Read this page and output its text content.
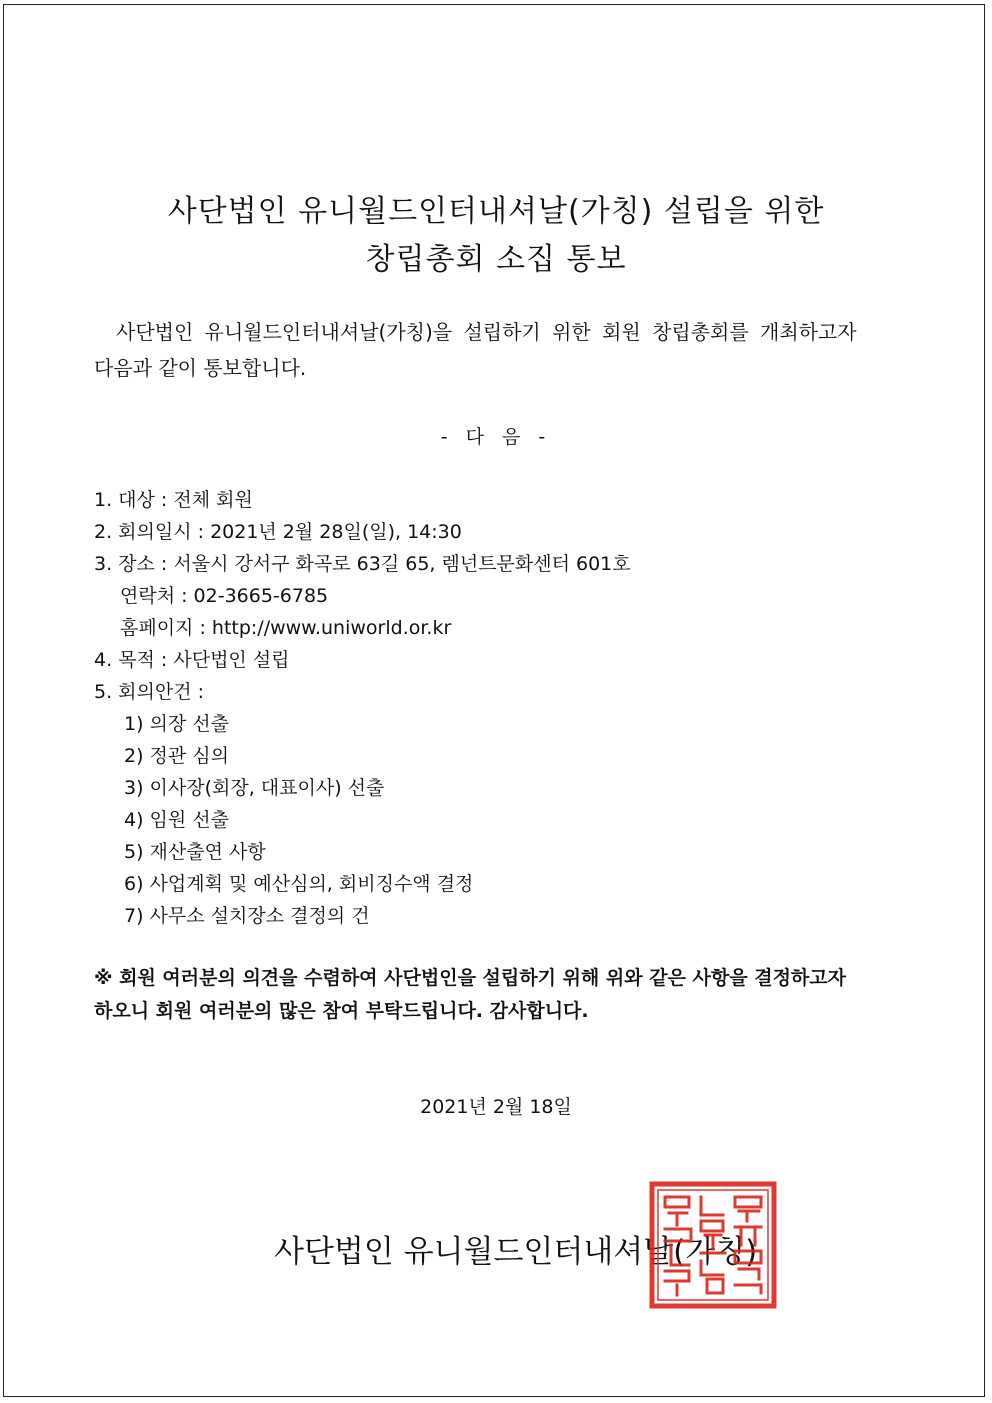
사단법인 유니월드인터내셔날(가칭) 설립을 위한
창립총회 소집 통보
사단법인 유니월드인터내셔날(가칭)을 설립하기 위한 회원 창립총회를 개최하고자
다음과 같이 통보합니다.
- 다 음 -
1. 대상 : 전체 회원
2. 회의일시 : 2021년 2월 28일(일), 14:30
3. 장소 : 서울시 강서구 화곡로 63길 65, 렘넌트문화센터 601호
연락처 : 02-3665-6785
홈페이지 : http://www.uniworld.or.kr
4. 목적 : 사단법인 설립
5. 회의안건 :
1) 의장 선출
2) 정관 심의
3) 이사장(회장, 대표이사) 선출
4) 임원 선출
5) 재산출연 사항
6) 사업계획 및 예산심의, 회비징수액 결정
7) 사무소 설치장소 결정의 건
※ 회원 여러분의 의견을 수렴하여 사단법인을 설립하기 위해 위와 같은 사항을 결정하고자
하오니 회원 여러분의 많은 참여 부탁드립니다. 감사합니다.
2021년 2월 18일
사단법인 유니월드인터내셔날(가칭)
